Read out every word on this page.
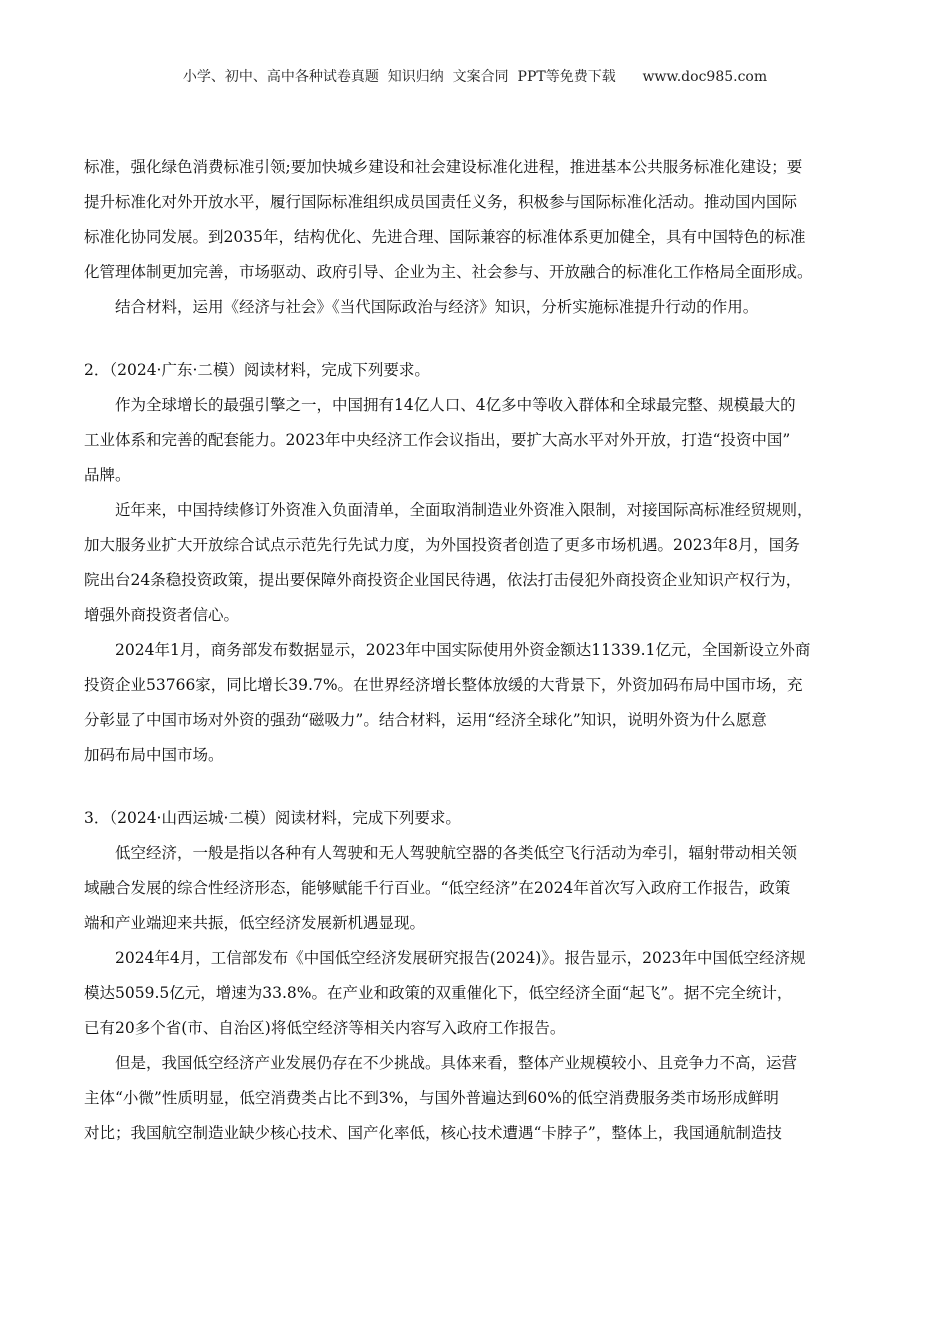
小学、初中、高中各种试卷真题  知识归纳  文案合同  PPT等免费下载      www.doc985.com
标准，强化绿色消费标准引领;要加快城乡建设和社会建设标准化进程，推进基本公共服务标准化建设；要
提升标准化对外开放水平，履行国际标准组织成员国责任义务，积极参与国际标准化活动。推动国内国际
标准化协同发展。到2035年，结构优化、先进合理、国际兼容的标准体系更加健全，具有中国特色的标准
化管理体制更加完善，市场驱动、政府引导、企业为主、社会参与、开放融合的标准化工作格局全面形成。
结合材料，运用《经济与社会》《当代国际政治与经济》知识，分析实施标准提升行动的作用。
2．（2024·广东·二模）阅读材料，完成下列要求。
作为全球增长的最强引擎之一，中国拥有14亿人口、4亿多中等收入群体和全球最完整、规模最大的
工业体系和完善的配套能力。2023年中央经济工作会议指出，要扩大高水平对外开放，打造“投资中国”
品牌。
近年来，中国持续修订外资准入负面清单，全面取消制造业外资准入限制，对接国际高标准经贸规则，
加大服务业扩大开放综合试点示范先行先试力度，为外国投资者创造了更多市场机遇。2023年8月，国务
院出台24条稳投资政策，提出要保障外商投资企业国民待遇，依法打击侵犯外商投资企业知识产权行为，
增强外商投资者信心。
2024年1月，商务部发布数据显示，2023年中国实际使用外资金额达11339.1亿元，全国新设立外商
投资企业53766家，同比增长39.7%。在世界经济增长整体放缓的大背景下，外资加码布局中国市场，充
分彰显了中国市场对外资的强劲“磁吸力”。结合材料，运用“经济全球化”知识，说明外资为什么愿意
加码布局中国市场。
3．（2024·山西运城·二模）阅读材料，完成下列要求。
低空经济，一般是指以各种有人驾驶和无人驾驶航空器的各类低空飞行活动为牵引，辐射带动相关领
域融合发展的综合性经济形态，能够赋能千行百业。“低空经济”在2024年首次写入政府工作报告，政策
端和产业端迎来共振，低空经济发展新机遇显现。
2024年4月，工信部发布《中国低空经济发展研究报告(2024)》。报告显示，2023年中国低空经济规
模达5059.5亿元，增速为33.8%。在产业和政策的双重催化下，低空经济全面“起飞”。据不完全统计，
已有20多个省(市、自治区)将低空经济等相关内容写入政府工作报告。
但是，我国低空经济产业发展仍存在不少挑战。具体来看，整体产业规模较小、且竞争力不高，运营
主体“小微”性质明显，低空消费类占比不到3%，与国外普遍达到60%的低空消费服务类市场形成鲜明
对比；我国航空制造业缺少核心技术、国产化率低，核心技术遭遇“卡脖子”，整体上，我国通航制造技
